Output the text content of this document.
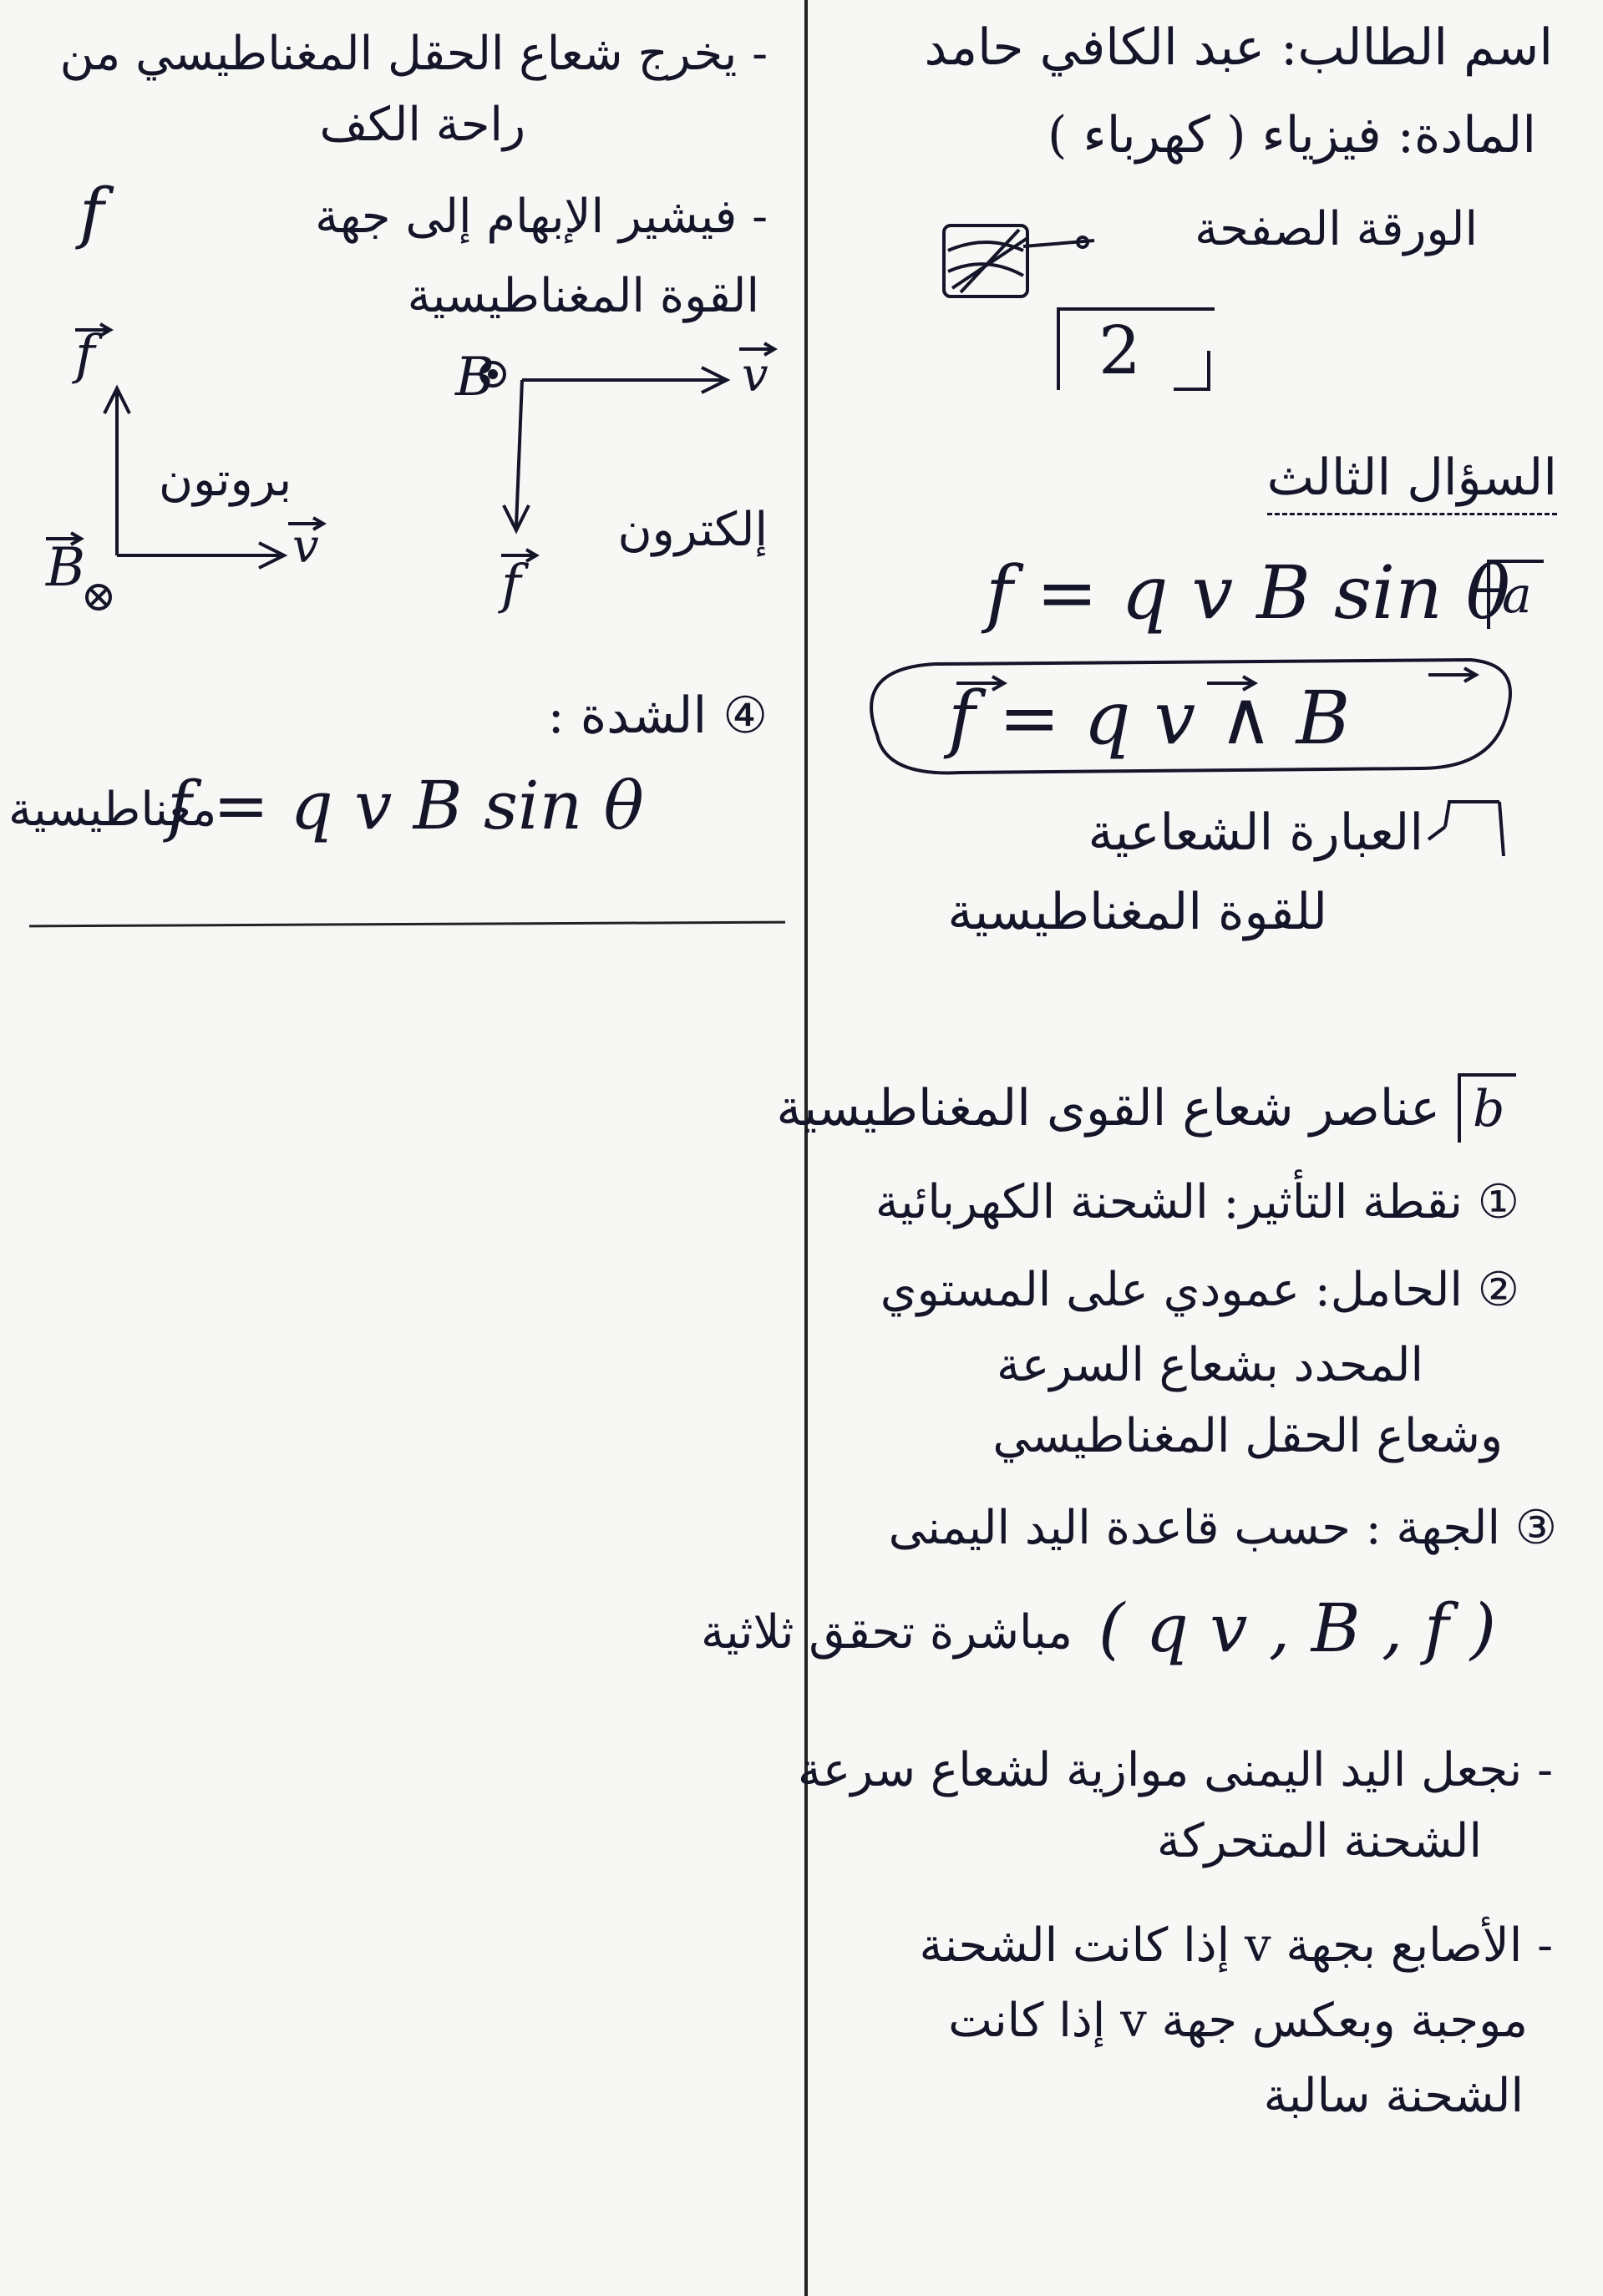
اسم الطالب: عبد الكافي حامد
المادة: فيزياء ( كهرباء )
الورقة الصفحة
2
السؤال الثالث
f = q v B sin θ
a
f = q v ∧ B
العبارة الشعاعية
للقوة المغناطيسية
b
عناصر شعاع القوى المغناطيسية
① نقطة التأثير: الشحنة الكهربائية
② الحامل: عمودي على المستوي
المحدد بشعاع السرعة
وشعاع الحقل المغناطيسي
③ الجهة : حسب قاعدة اليد اليمنى
( q v , B , f )
مباشرة تحقق ثلاثية
- نجعل اليد اليمنى موازية لشعاع سرعة
الشحنة المتحركة
- الأصابع بجهة v إذا كانت الشحنة
موجبة وبعكس جهة v إذا كانت
الشحنة سالبة
- يخرج شعاع الحقل المغناطيسي من
راحة الكف
- فيشير الإبهام إلى جهة
f
القوة المغناطيسية
f
v
B
بروتون
B	v
f
إلكترون
④ الشدة :
f = q v B sin θ
مغناطيسية
